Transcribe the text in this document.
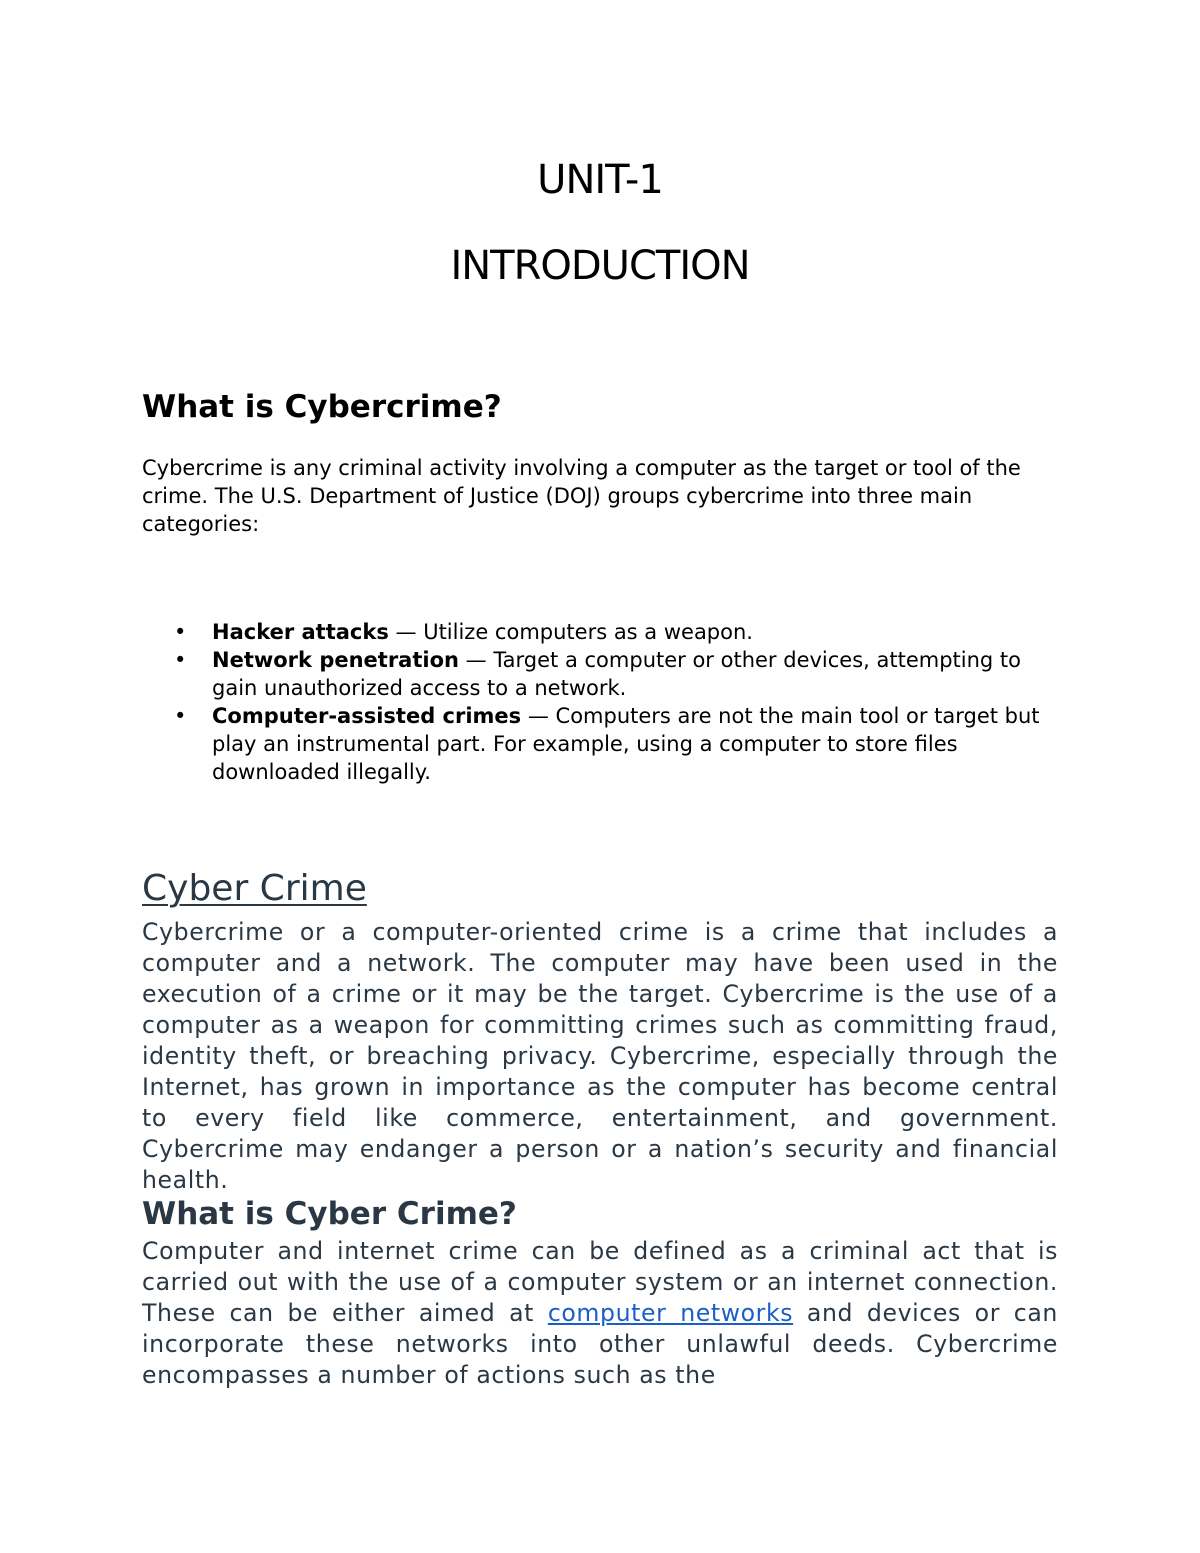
UNIT-1
INTRODUCTION
What is Cybercrime?

Cybercrime is any criminal activity involving a computer as the target or tool of the crime. The U.S. Department of Justice (DOJ) groups cybercrime into three main categories:

• Hacker attacks — Utilize computers as a weapon.
• Network penetration — Target a computer or other devices, attempting to gain unauthorized access to a network.
• Computer-assisted crimes — Computers are not the main tool or target but play an instrumental part. For example, using a computer to store files downloaded illegally.
Cyber Crime

Cybercrime or a computer-oriented crime is a crime that includes a computer and a network. The computer may have been used in the execution of a crime or it may be the target. Cybercrime is the use of a computer as a weapon for committing crimes such as committing fraud, identity theft, or breaching privacy. Cybercrime, especially through the Internet, has grown in importance as the computer has become central to every field like commerce, entertainment, and government. Cybercrime may endanger a person or a nation’s security and financial health.

What is Cyber Crime?

Computer and internet crime can be defined as a criminal act that is carried out with the use of a computer system or an internet connection. These can be either aimed at computer networks and devices or can incorporate these networks into other unlawful deeds. Cybercrime encompasses a number of actions such as the
